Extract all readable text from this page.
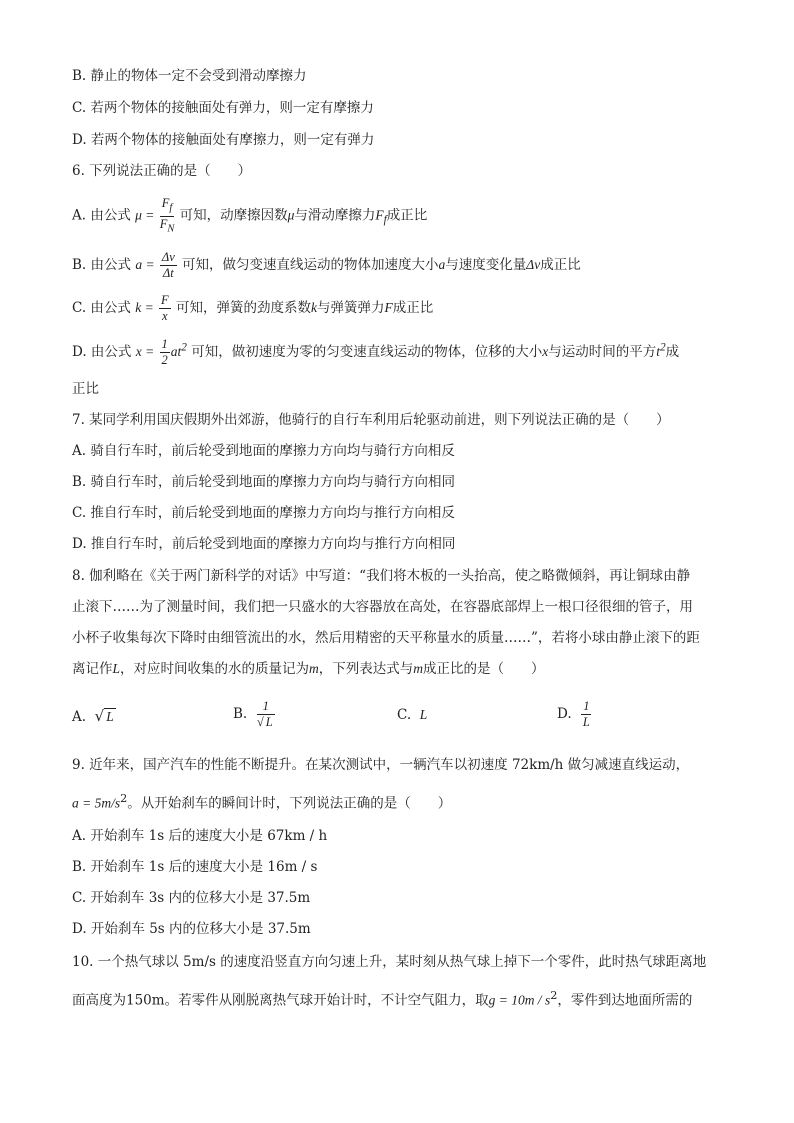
B. 静止的物体一定不会受到滑动摩擦力
C. 若两个物体的接触面处有弹力，则一定有摩擦力
D. 若两个物体的接触面处有摩擦力，则一定有弹力
6. 下列说法正确的是（　　）
A. 由公式 $\mu = \frac{F_f}{F_N}$ 可知，动摩擦因数μ与滑动摩擦力$F_f$成正比
B. 由公式 $a = \frac{\Delta v}{\Delta t}$ 可知，做匀变速直线运动的物体加速度大小a与速度变化量Δv成正比
C. 由公式 $k = \frac{F}{x}$ 可知，弹簧的劲度系数k与弹簧弹力F成正比
D. 由公式 $x = \frac{1}{2} at^2$ 可知，做初速度为零的匀变速直线运动的物体，位移的大小x与运动时间的平方$t^2$成
正比
7. 某同学利用国庆假期外出郊游，他骑行的自行车利用后轮驱动前进，则下列说法正确的是（　　）
A. 骑自行车时，前后轮受到地面的摩擦力方向均与骑行方向相反
B. 骑自行车时，前后轮受到地面的摩擦力方向均与骑行方向相同
C. 推自行车时，前后轮受到地面的摩擦力方向均与推行方向相反
D. 推自行车时，前后轮受到地面的摩擦力方向均与推行方向相同
8. 伽利略在《关于两门新科学的对话》中写道：“我们将木板的一头抬高，使之略微倾斜，再让铜球由静
止滚下……为了测量时间，我们把一只盛水的大容器放在高处，在容器底部焊上一根口径很细的管子，用
小杯子收集每次下降时由细管流出的水，然后用精密的天平称量水的质量……”，若将小球由静止滚下的距
离记作L，对应时间收集的水的质量记为m，下列表达式与m成正比的是（　　）
A. √ L	B. $\frac{1}{√ L}$	C. L	D. $\frac{1}{L}$
9. 近年来，国产汽车的性能不断提升。在某次测试中，一辆汽车以初速度 72km/h 做匀减速直线运动，
$a = 5m/s^2$。从开始刹车的瞬间计时，下列说法正确的是（　　）
A. 开始刹车 1s 后的速度大小是 67km / h
B. 开始刹车 1s 后的速度大小是 16m / s
C. 开始刹车 3s 内的位移大小是 37.5m
D. 开始刹车 5s 内的位移大小是 37.5m
10. 一个热气球以 5m/s 的速度沿竖直方向匀速上升，某时刻从热气球上掉下一个零件，此时热气球距离地
面高度为150m。若零件从刚脱离热气球开始计时，不计空气阻力，取$g = 10m / s^2$，零件到达地面所需的
